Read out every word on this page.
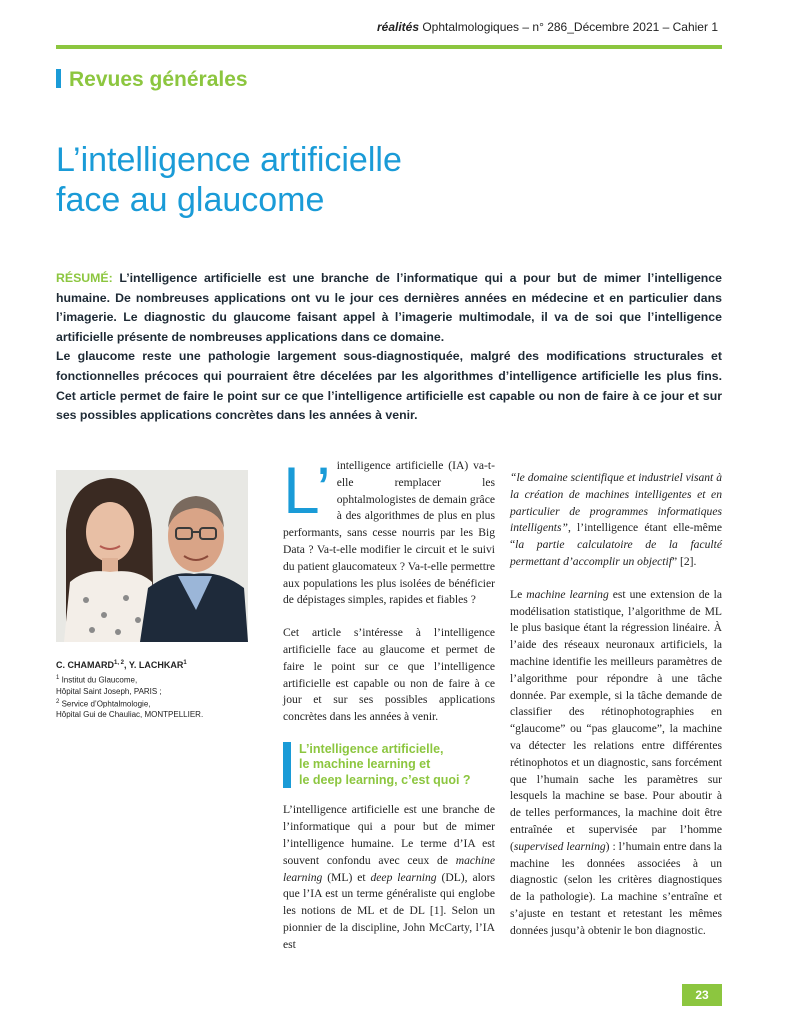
réalités Ophtalmologiques – n° 286_Décembre 2021 – Cahier 1
Revues générales
L’intelligence artificielle
face au glaucome

RÉSUMÉ: L’intelligence artificielle est une branche de l’informatique qui a pour but de mimer l’intelligence humaine. De nombreuses applications ont vu le jour ces dernières années en médecine et en particulier dans l’imagerie. Le diagnostic du glaucome faisant appel à l’imagerie multimodale, il va de soi que l’intelligence artificielle présente de nombreuses applications dans ce domaine.

Le glaucome reste une pathologie largement sous-diagnostiquée, malgré des modifications structurales et fonctionnelles précoces qui pourraient être décelées par les algorithmes d’intelligence artificielle les plus fins. Cet article permet de faire le point sur ce que l’intelligence artificielle est capable ou non de faire à ce jour et sur ses possibles applications concrètes dans les années à venir.

C. CHAMARD$^{1, 2}$, Y. LACHKAR$^1$
$^1$ Institut du Glaucome,
Hôpital Saint Joseph, PARIS ;
$^2$ Service d’Ophtalmologie,
Hôpital Gui de Chauliac, MONTPELLIER.

L’ intelligence artificielle (IA) va-t-elle remplacer les ophtalmologistes de demain grâce à des algorithmes de plus en plus performants, sans cesse nourris par les Big Data ? Va-t-elle modifier le circuit et le suivi du patient glaucomateux ? Va-t-elle permettre aux populations les plus isolées de bénéficier de dépistages simples, rapides et fiables ?

Cet article s’intéresse à l’intelligence artificielle face au glaucome et permet de faire le point sur ce que l’intelligence artificielle est capable ou non de faire à ce jour et sur ses possibles applications concrètes dans les années à venir.

L’intelligence artificielle,
le machine learning et
le deep learning, c’est quoi ?

L’intelligence artificielle est une branche de l’informatique qui a pour but de mimer l’intelligence humaine. Le terme d’IA est souvent confondu avec ceux de machine learning (ML) et deep learning (DL), alors que l’IA est un terme généraliste qui englobe les notions de ML et de DL [1]. Selon un pionnier de la discipline, John McCarty, l’IA est

“le domaine scientifique et industriel visant à la création de machines intelligentes et en particulier de programmes informatiques intelligents”, l’intelligence étant elle-même “la partie calculatoire de la faculté permettant d’accomplir un objectif” [2].

Le machine learning est une extension de la modélisation statistique, l’algorithme de ML le plus basique étant la régression linéaire. À l’aide des réseaux neuronaux artificiels, la machine identifie les meilleurs paramètres de l’algorithme pour répondre à une tâche donnée. Par exemple, si la tâche demande de classifier des rétinophotographies en “glaucome” ou “pas glaucome”, la machine va détecter les relations entre différentes rétinophotos et un diagnostic, sans forcément que l’humain sache les paramètres sur lesquels la machine se base. Pour aboutir à de telles performances, la machine doit être entraînée et supervisée par l’homme (supervised learning) : l’humain entre dans la machine les données associées à un diagnostic (selon les critères diagnostiques de la pathologie). La machine s’entraîne et s’ajuste en testant et retestant les mêmes données jusqu’à obtenir le bon diagnostic.

23
